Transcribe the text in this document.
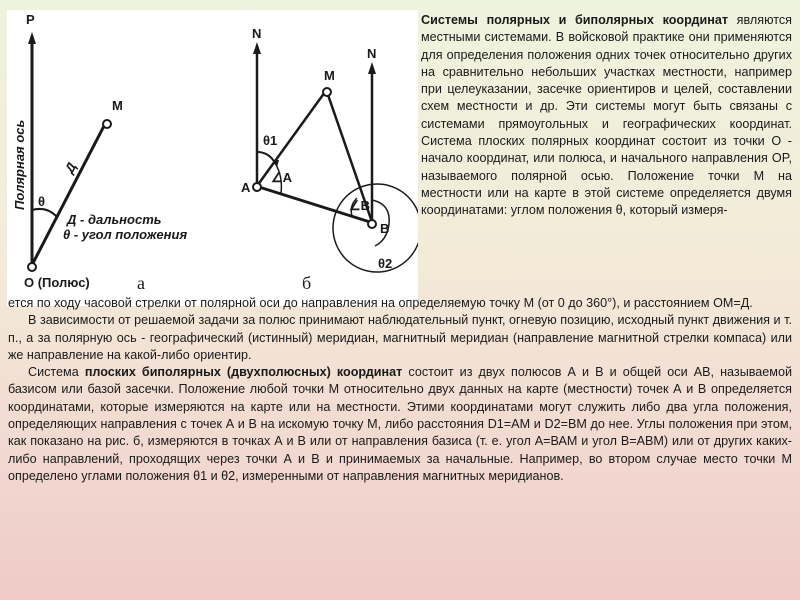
P
Полярная ось
М
Д
θ
Д - дальность
θ - угол положения
О (Полюс)	а
N
N
М
А
В
θ1
∠А
∠В
θ2
б

Системы полярных и биполярных координат являются местными системами. В войсковой практике они применяются для определения положения одних точек относительно других на сравнительно небольших участках местности, например при целеуказании, засечке ориентиров и целей, составлении схем местности и др. Эти системы могут быть связаны с системами прямоугольных и географических координат. Система плоских полярных координат состоит из точки О - начало координат, или полюса, и начального направления OP, называемого полярной осью. Положение точки М на местности или на карте в этой системе определяется двумя координатами: углом положения θ, который измеря-

ется по ходу часовой стрелки от полярной оси до направления на определяемую точку М (от 0 до 360°), и расстоянием OM=Д.

В зависимости от решаемой задачи за полюс принимают наблюдательный пункт, огневую позицию, исходный пункт движения и т. п., а за полярную ось - географический (истинный) меридиан, магнитный меридиан (направление магнитной стрелки компаса) или же направление на какой-либо ориентир.

Система плоских биполярных (двухполюсных) координат состоит из двух полюсов А и В и общей оси АВ, называемой базисом или базой засечки. Положение любой точки М относительно двух данных на карте (местности) точек А и В определяется координатами, которые измеряются на карте или на местности. Этими координатами могут служить либо два угла положения, определяющих направления с точек А и В на искомую точку М, либо расстояния D1=AM и D2=BM до нее. Углы положения при этом, как показано на рис. б, измеряются в точках А и В или от направления базиса (т. е. угол А=ВАМ и угол В=АВМ) или от других каких-либо направлений, проходящих через точки А и В и принимаемых за начальные. Например, во втором случае место точки М определено углами положения θ1 и θ2, измеренными от направления магнитных меридианов.
